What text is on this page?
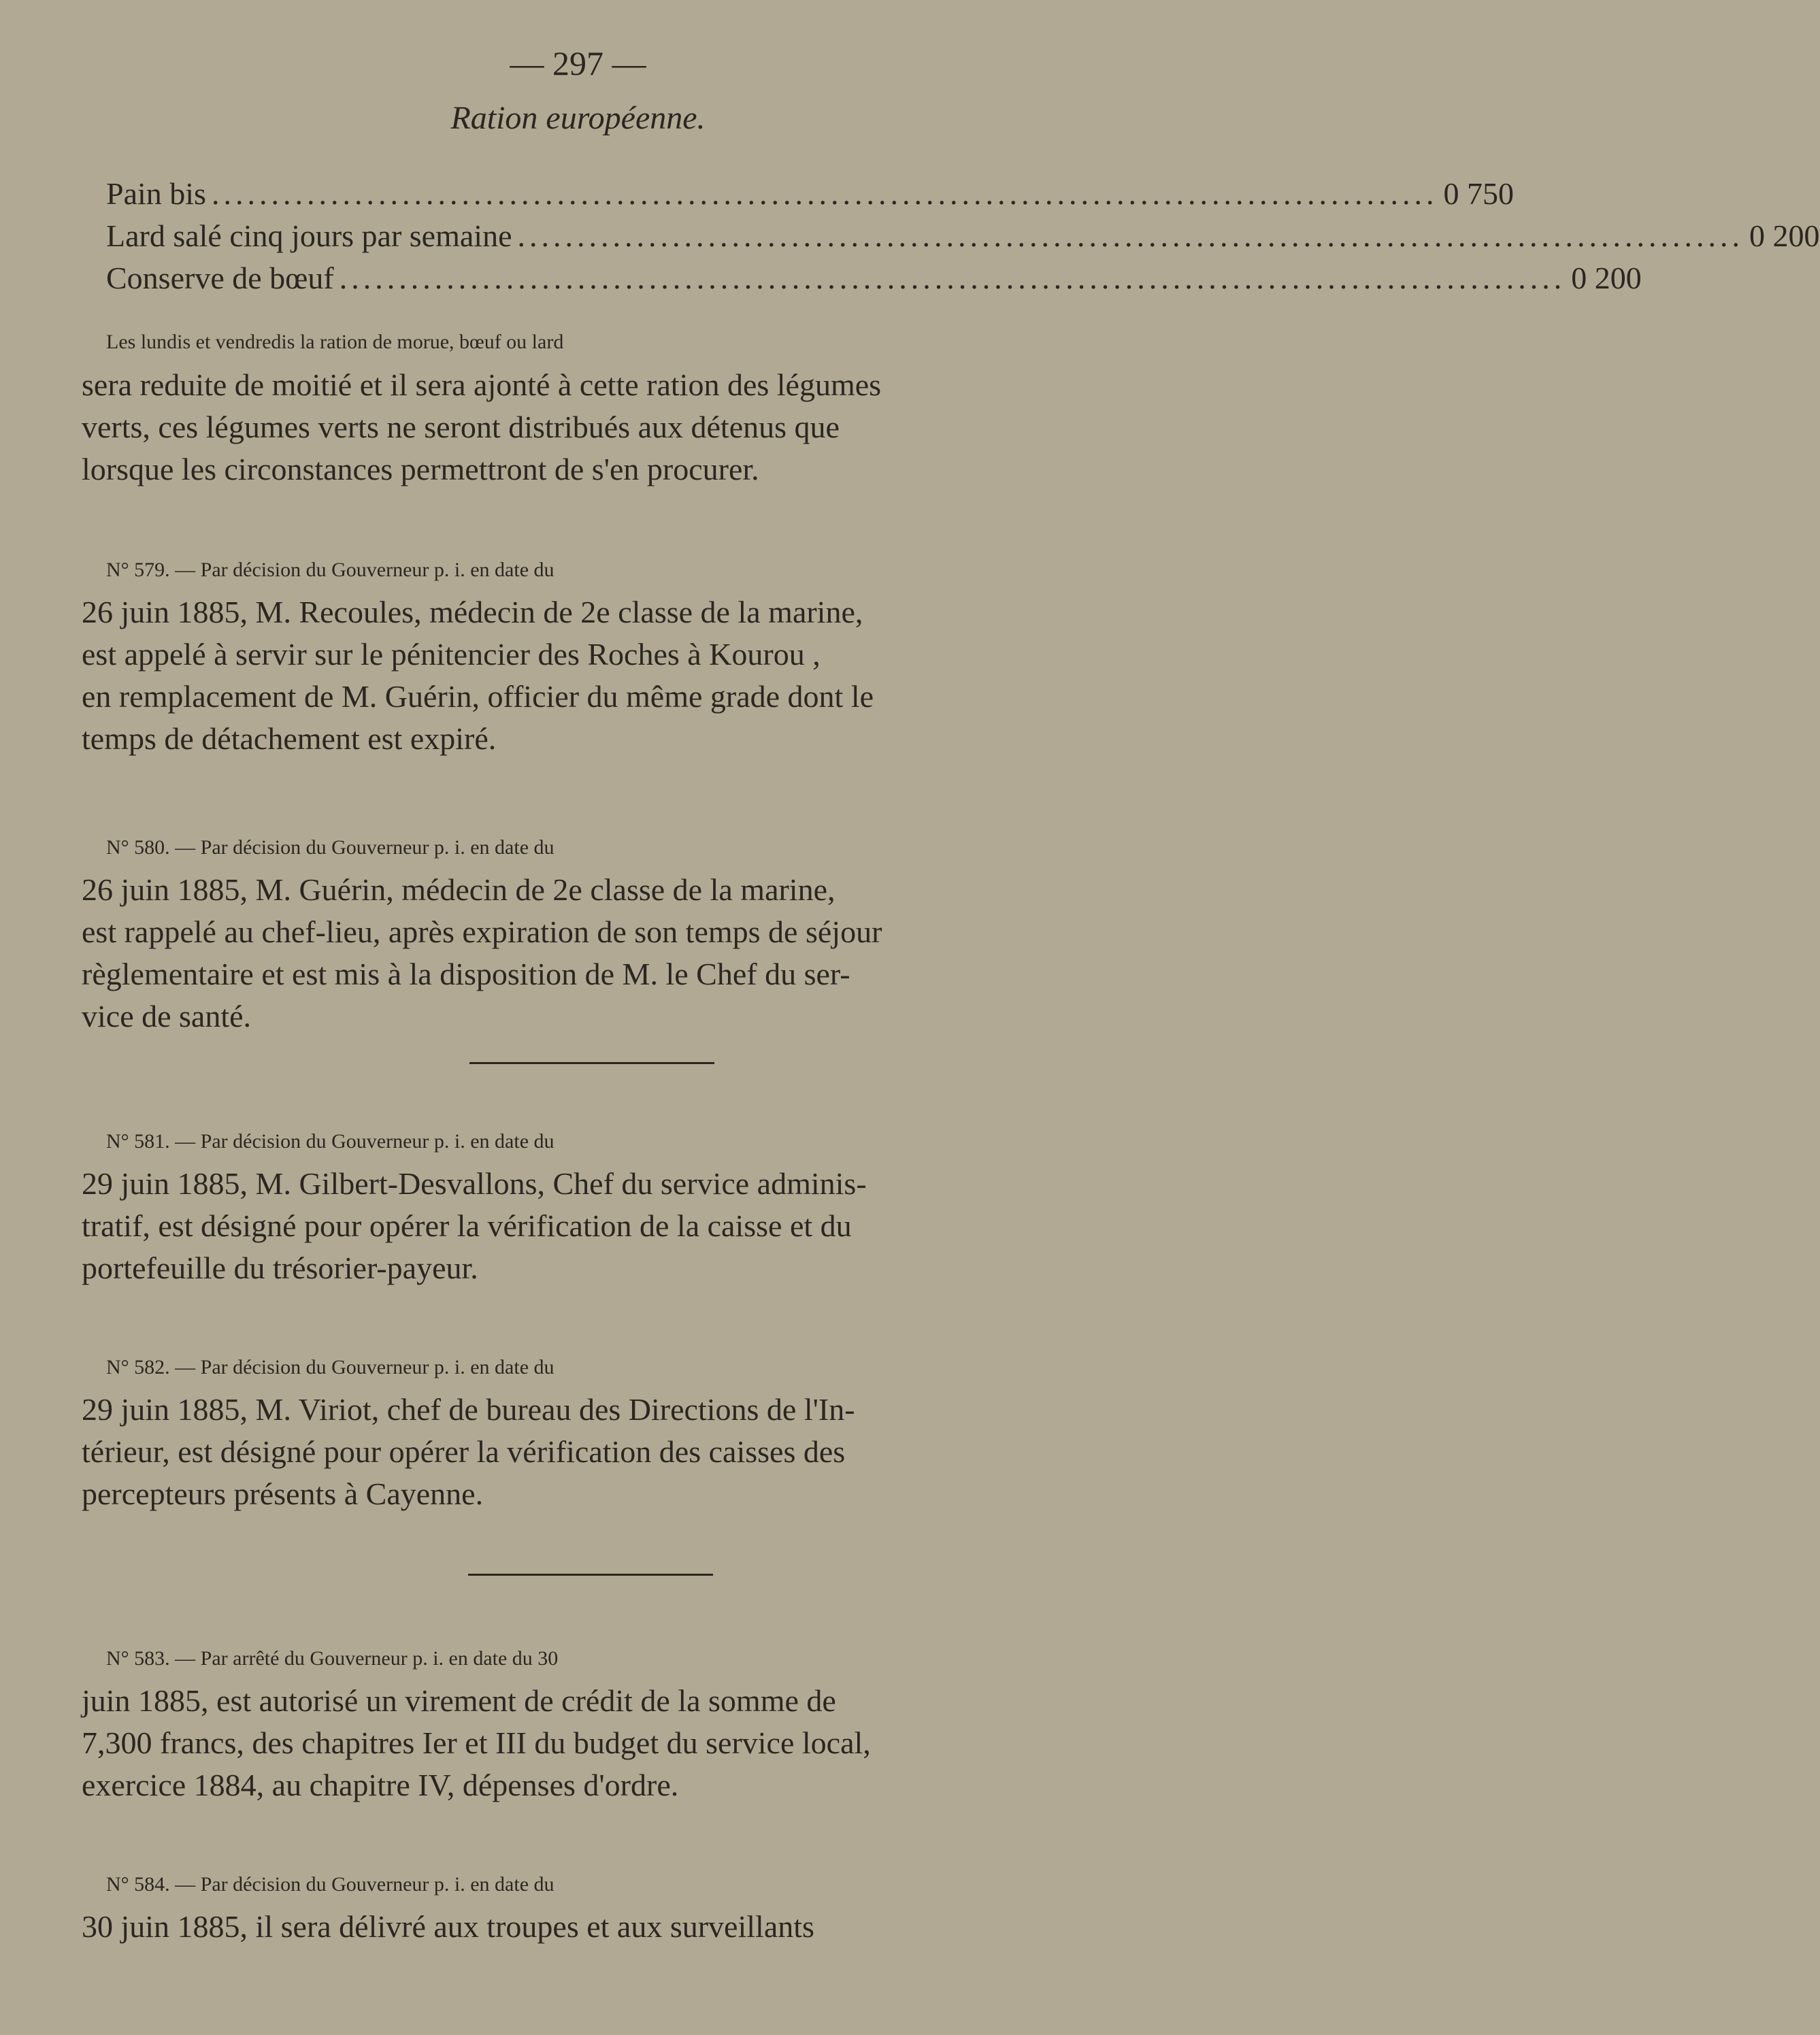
— 297 —
Ration européenne.
Pain bis ....................................................................................................... 0 750
Lard salé cinq jours par semaine ....................................................................................................... 0 200
Conserve de bœuf ....................................................................................................... 0 200
Les lundis et vendredis la ration de morue, bœuf ou lard
sera reduite de moitié et il sera ajonté à cette ration des légumes
verts, ces légumes verts ne seront distribués aux détenus que
lorsque les circonstances permettront de s'en procurer.
N° 579. — Par décision du Gouverneur p. i. en date du
26 juin 1885, M. Recoules, médecin de 2e classe de la marine,
est appelé à servir sur le pénitencier des Roches à Kourou ,
en remplacement de M. Guérin, officier du même grade dont le
temps de détachement est expiré.
N° 580. — Par décision du Gouverneur p. i. en date du
26 juin 1885, M. Guérin, médecin de 2e classe de la marine,
est rappelé au chef-lieu, après expiration de son temps de séjour
règlementaire et est mis à la disposition de M. le Chef du ser-
vice de santé.
N° 581. — Par décision du Gouverneur p. i. en date du
29 juin 1885, M. Gilbert-Desvallons, Chef du service adminis-
tratif, est désigné pour opérer la vérification de la caisse et du
portefeuille du trésorier-payeur.
N° 582. — Par décision du Gouverneur p. i. en date du
29 juin 1885, M. Viriot, chef de bureau des Directions de l'In-
térieur, est désigné pour opérer la vérification des caisses des
percepteurs présents à Cayenne.
N° 583. — Par arrêté du Gouverneur p. i. en date du 30
juin 1885, est autorisé un virement de crédit de la somme de
7,300 francs, des chapitres Ier et III du budget du service local,
exercice 1884, au chapitre IV, dépenses d'ordre.
N° 584. — Par décision du Gouverneur p. i. en date du
30 juin 1885, il sera délivré aux troupes et aux surveillants
